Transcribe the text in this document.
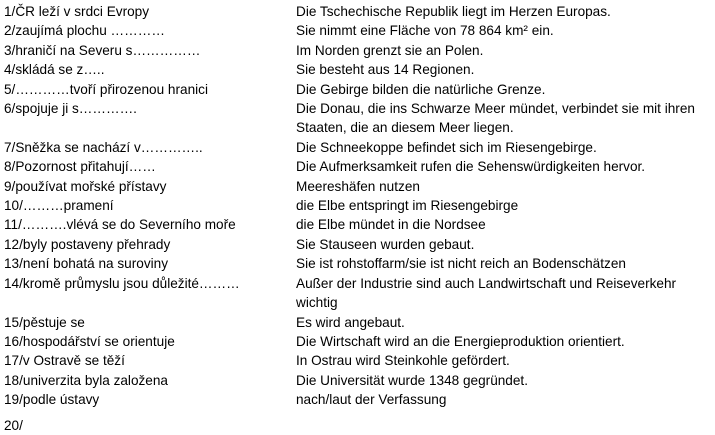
1/ČR leží v srdci Evropy	Die Tschechische Republik liegt im Herzen Europas.
2/zaujímá plochu …………	Sie nimmt eine Fläche von 78 864 km² ein.
3/hraničí na Severu s……………	Im Norden grenzt sie an Polen.
4/skládá se z…..	Sie besteht aus 14 Regionen.
5/…………tvoří přirozenou hranici	Die Gebirge bilden die natürliche Grenze.
6/spojuje ji s………….	Die Donau, die ins Schwarze Meer mündet, verbindet sie mit ihren Staaten, die an diesem Meer liegen.
7/Sněžka se nachází v…………..	Die Schneekoppe befindet sich im Riesengebirge.
8/Pozornost přitahují……	Die Aufmerksamkeit rufen die Sehenswürdigkeiten hervor.
9/používat mořské přístavy	Meereshäfen nutzen
10/………pramení	die Elbe entspringt im Riesengebirge
11/……….vlévá se do Severního moře	die Elbe mündet in die Nordsee
12/byly postaveny přehrady	Sie Stauseen wurden gebaut.
13/není bohatá na suroviny	Sie ist rohstoffarm/sie ist nicht reich an Bodenschätzen
14/kromě průmyslu jsou důležité………	Außer der Industrie sind auch Landwirtschaft und Reiseverkehr wichtig
15/pěstuje se	Es wird angebaut.
16/hospodářství se orientuje	Die Wirtschaft wird an die Energieproduktion orientiert.
17/v Ostravě se těží	In Ostrau wird Steinkohle gefördert.
18/univerzita byla založena	Die Universität wurde 1348 gegründet.
19/podle ústavy	nach/laut der Verfassung
20/
